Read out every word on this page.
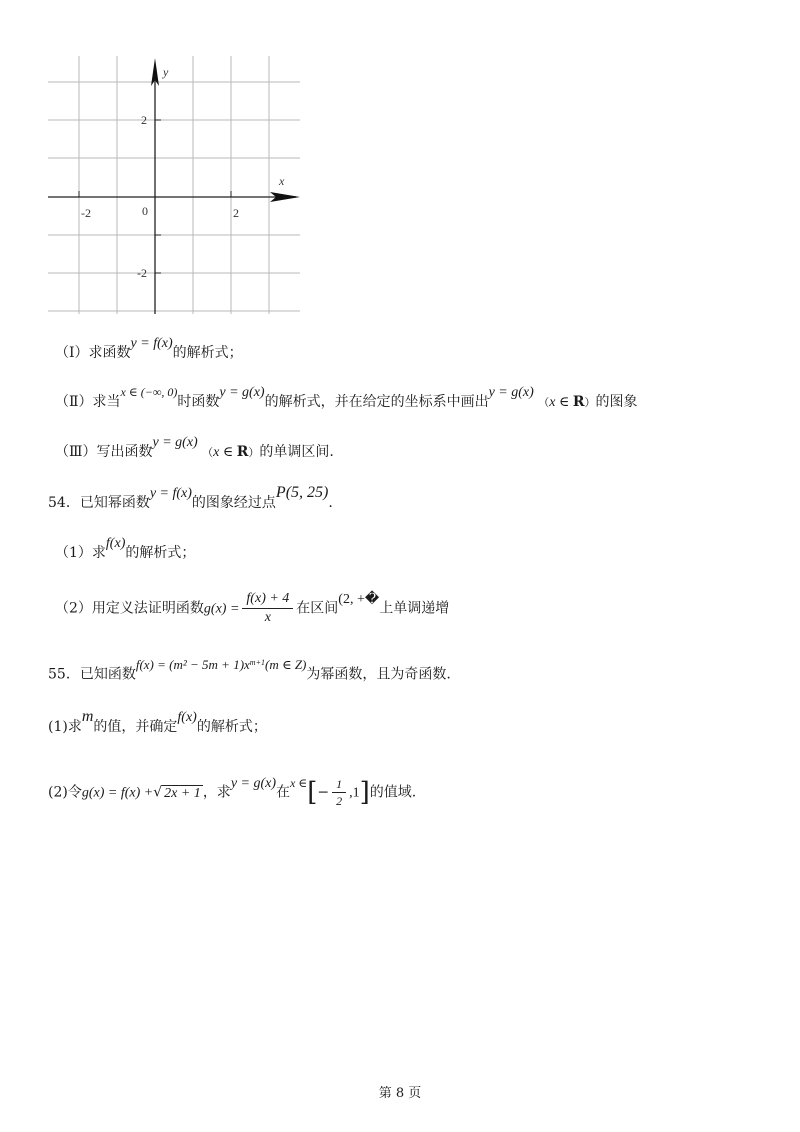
y
x
2
-2
-2	0	2
（Ⅰ）求函数y = f(x)的解析式；
（Ⅱ）求当x ∈ (−∞, 0)时函数y = g(x)的解析式，并在给定的坐标系中画出y = g(x) （x ∈ R）的图象
（Ⅲ）写出函数y = g(x) （x ∈ R）的单调区间.
54．已知幂函数y = f(x)的图象经过点P(5, 25).
（1）求f(x)的解析式；
（2）用定义法证明函数$g(x) = \frac{f(x) + 4}{x}$ 在区间(2, +�上单调递增
55．已知函数$f(x) = (m^2 - 5m + 1)x^{m+1}(m$ ∈ Z)为幂函数，且为奇函数.
(1)求m的值，并确定f(x)的解析式；
(2)令g(x) = f(x) +√ 2x + 1 ，求y = g(x)在x ∈[− $\frac{1}{2} ,1$]的值域.
第 8 页
